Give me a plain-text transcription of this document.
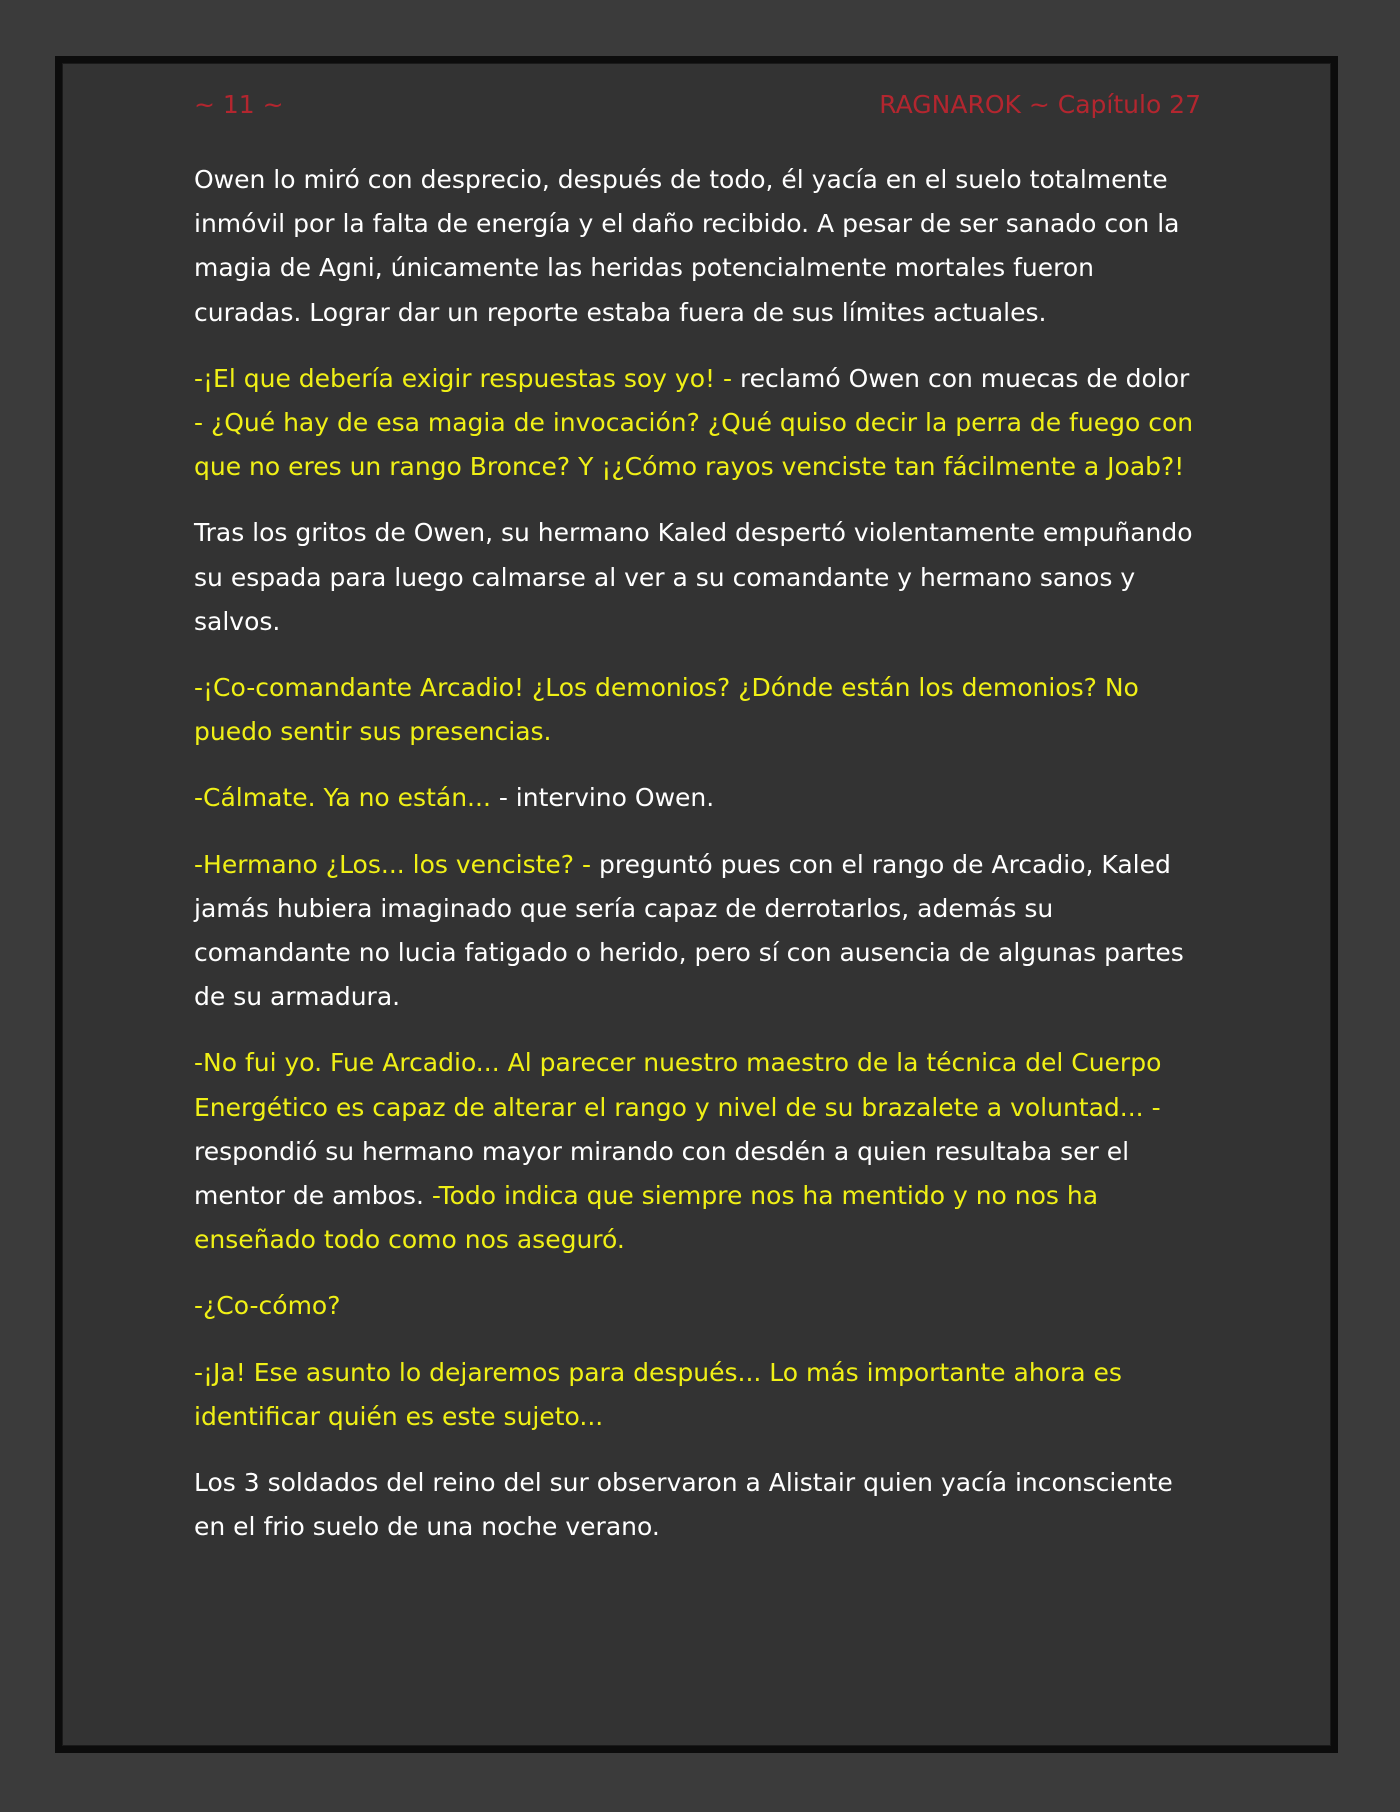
~ 11 ~	RAGNAROK ~ Capítulo 27

Owen lo miró con desprecio, después de todo, él yacía en el suelo totalmente inmóvil por la falta de energía y el daño recibido. A pesar de ser sanado con la magia de Agni, únicamente las heridas potencialmente mortales fueron curadas. Lograr dar un reporte estaba fuera de sus límites actuales.

-¡El que debería exigir respuestas soy yo! - reclamó Owen con muecas de dolor - ¿Qué hay de esa magia de invocación? ¿Qué quiso decir la perra de fuego con que no eres un rango Bronce? Y ¡¿Cómo rayos venciste tan fácilmente a Joab?!

Tras los gritos de Owen, su hermano Kaled despertó violentamente empuñando su espada para luego calmarse al ver a su comandante y hermano sanos y salvos.

-¡Co-comandante Arcadio! ¿Los demonios? ¿Dónde están los demonios? No puedo sentir sus presencias.

-Cálmate. Ya no están... - intervino Owen.

-Hermano ¿Los... los venciste? - preguntó pues con el rango de Arcadio, Kaled jamás hubiera imaginado que sería capaz de derrotarlos, además su comandante no lucia fatigado o herido, pero sí con ausencia de algunas partes de su armadura.

-No fui yo. Fue Arcadio... Al parecer nuestro maestro de la técnica del Cuerpo Energético es capaz de alterar el rango y nivel de su brazalete a voluntad... - respondió su hermano mayor mirando con desdén a quien resultaba ser el mentor de ambos. -Todo indica que siempre nos ha mentido y no nos ha enseñado todo como nos aseguró.

-¿Co-cómo?

-¡Ja! Ese asunto lo dejaremos para después... Lo más importante ahora es identificar quién es este sujeto...

Los 3 soldados del reino del sur observaron a Alistair quien yacía inconsciente en el frio suelo de una noche verano.
